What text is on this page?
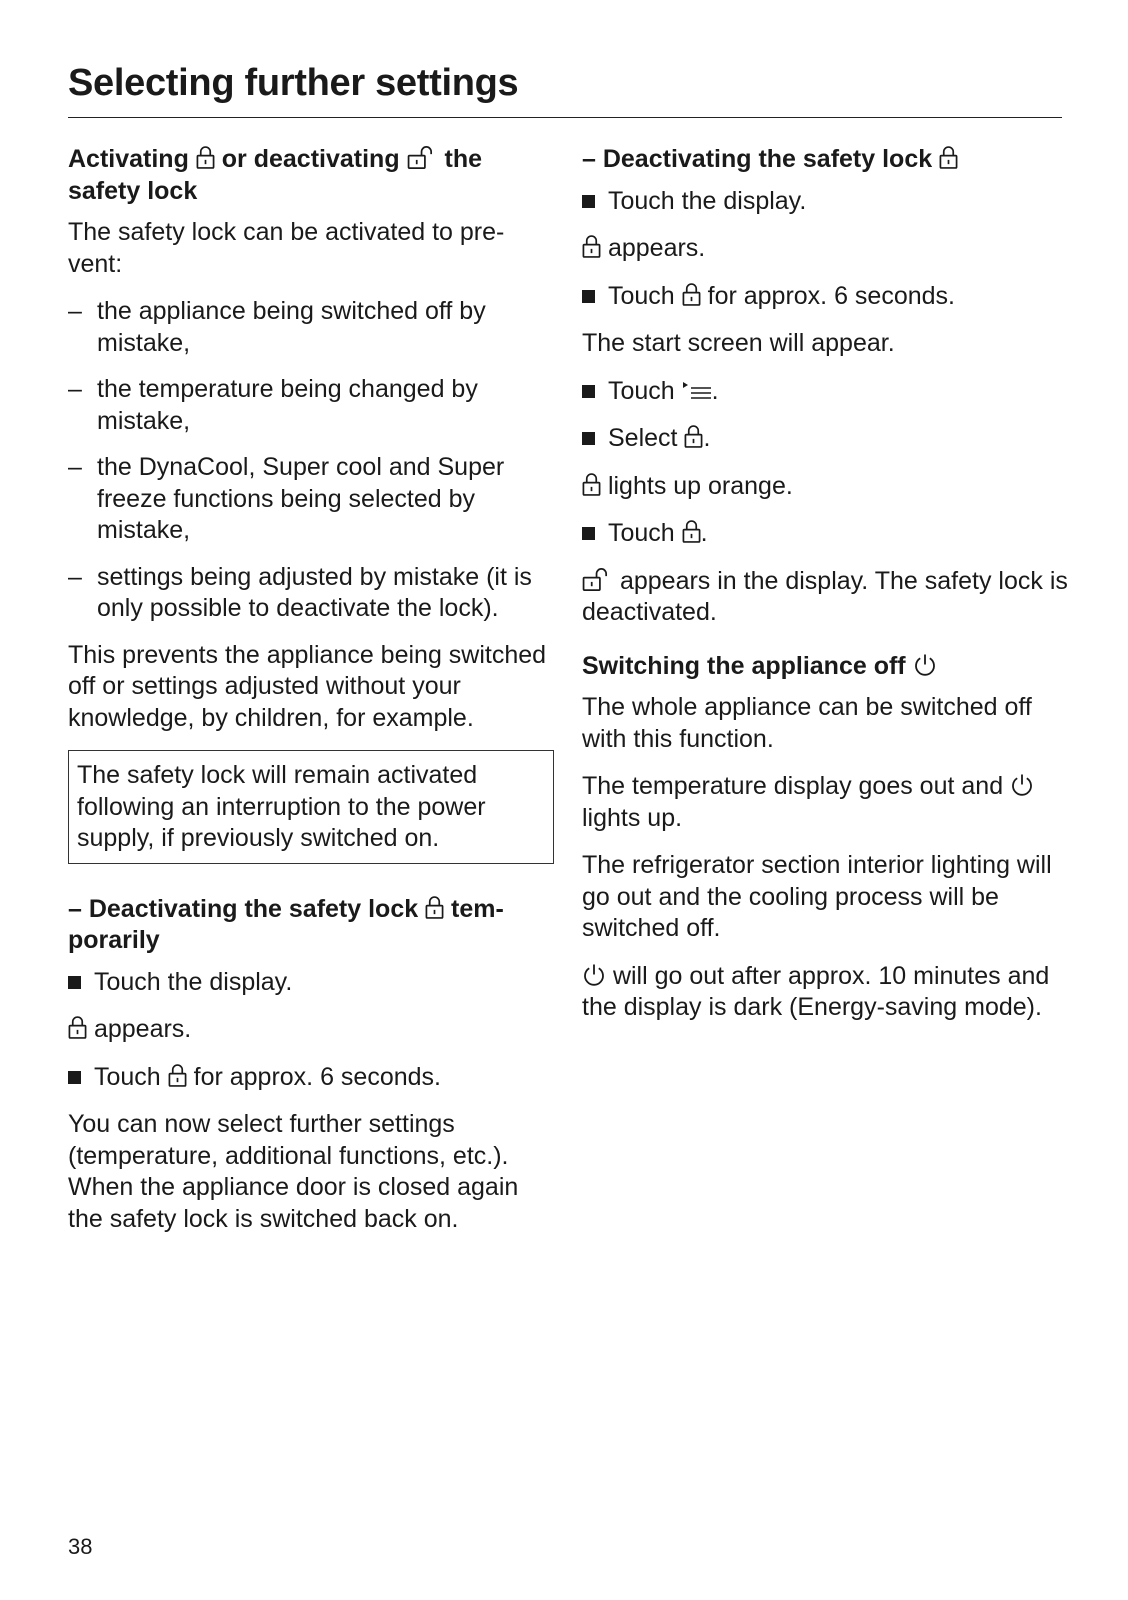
Selecting further settings
Activating or deactivating the safety lock
The safety lock can be activated to pre-vent:
– the appliance being switched off by mistake,
– the temperature being changed by mistake,
– the DynaCool, Super cool and Super freeze functions being selected by mistake,
– settings being adjusted by mistake (it is only possible to deactivate the lock).
This prevents the appliance being switched off or settings adjusted without your knowledge, by children, for example.
The safety lock will remain activated following an interruption to the power supply, if previously switched on.
– Deactivating the safety lock tem-porarily
Touch the display.
appears.
Touch for approx. 6 seconds.
You can now select further settings (temperature, additional functions, etc.). When the appliance door is closed again the safety lock is switched back on.
– Deactivating the safety lock
Touch the display.
appears.
Touch for approx. 6 seconds.
The start screen will appear.
Touch .
Select .
lights up orange.
Touch .
appears in the display. The safety lock is deactivated.
Switching the appliance off
The whole appliance can be switched off with this function.
The temperature display goes out and  lights up.
The refrigerator section interior lighting will go out and the cooling process will be switched off.
will go out after approx. 10 minutes and the display is dark (Energy-saving mode).
38
